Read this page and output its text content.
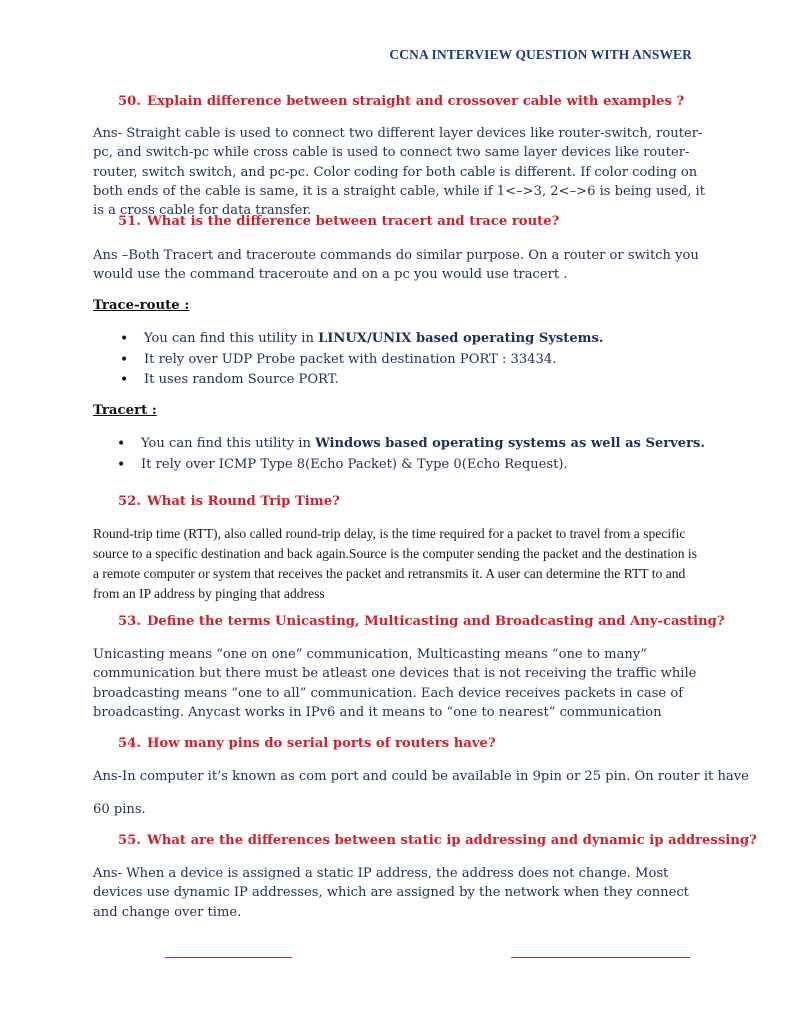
CCNA INTERVIEW QUESTION WITH ANSWER
50. Explain difference between straight and crossover cable with examples ?
Ans- Straight cable is used to connect two different layer devices like router-switch, router-pc, and switch-pc while cross cable is used to connect two same layer devices like router-router, switch switch, and pc-pc. Color coding for both cable is different. If color coding on both ends of the cable is same, it is a straight cable, while if 1<–>3, 2<–>6 is being used, it is a cross cable for data transfer.
51. What is the difference between tracert and trace route?
Ans –Both Tracert and traceroute commands do similar purpose. On a router or switch you would use the command traceroute and on a pc you would use tracert .
Trace-route :
• You can find this utility in LINUX/UNIX based operating Systems.
• It rely over UDP Probe packet with destination PORT : 33434.
• It uses random Source PORT.
Tracert :
• You can find this utility in Windows based operating systems as well as Servers.
• It rely over ICMP Type 8(Echo Packet) & Type 0(Echo Request).
52. What is Round Trip Time?
Round-trip time (RTT), also called round-trip delay, is the time required for a packet to travel from a specific source to a specific destination and back again.Source is the computer sending the packet and the destination is a remote computer or system that receives the packet and retransmits it. A user can determine the RTT to and from an IP address by pinging that address
53. Define the terms Unicasting, Multicasting and Broadcasting and Any-casting?
Unicasting means “one on one” communication, Multicasting means “one to many” communication but there must be atleast one devices that is not receiving the traffic while broadcasting means “one to all” communication. Each device receives packets in case of broadcasting. Anycast works in IPv6 and it means to “one to nearest” communication
54. How many pins do serial ports of routers have?
Ans-In computer it’s known as com port and could be available in 9pin or 25 pin. On router it have
60 pins.
55. What are the differences between static ip addressing and dynamic ip addressing?
Ans- When a device is assigned a static IP address, the address does not change. Most devices use dynamic IP addresses, which are assigned by the network when they connect and change over time.
